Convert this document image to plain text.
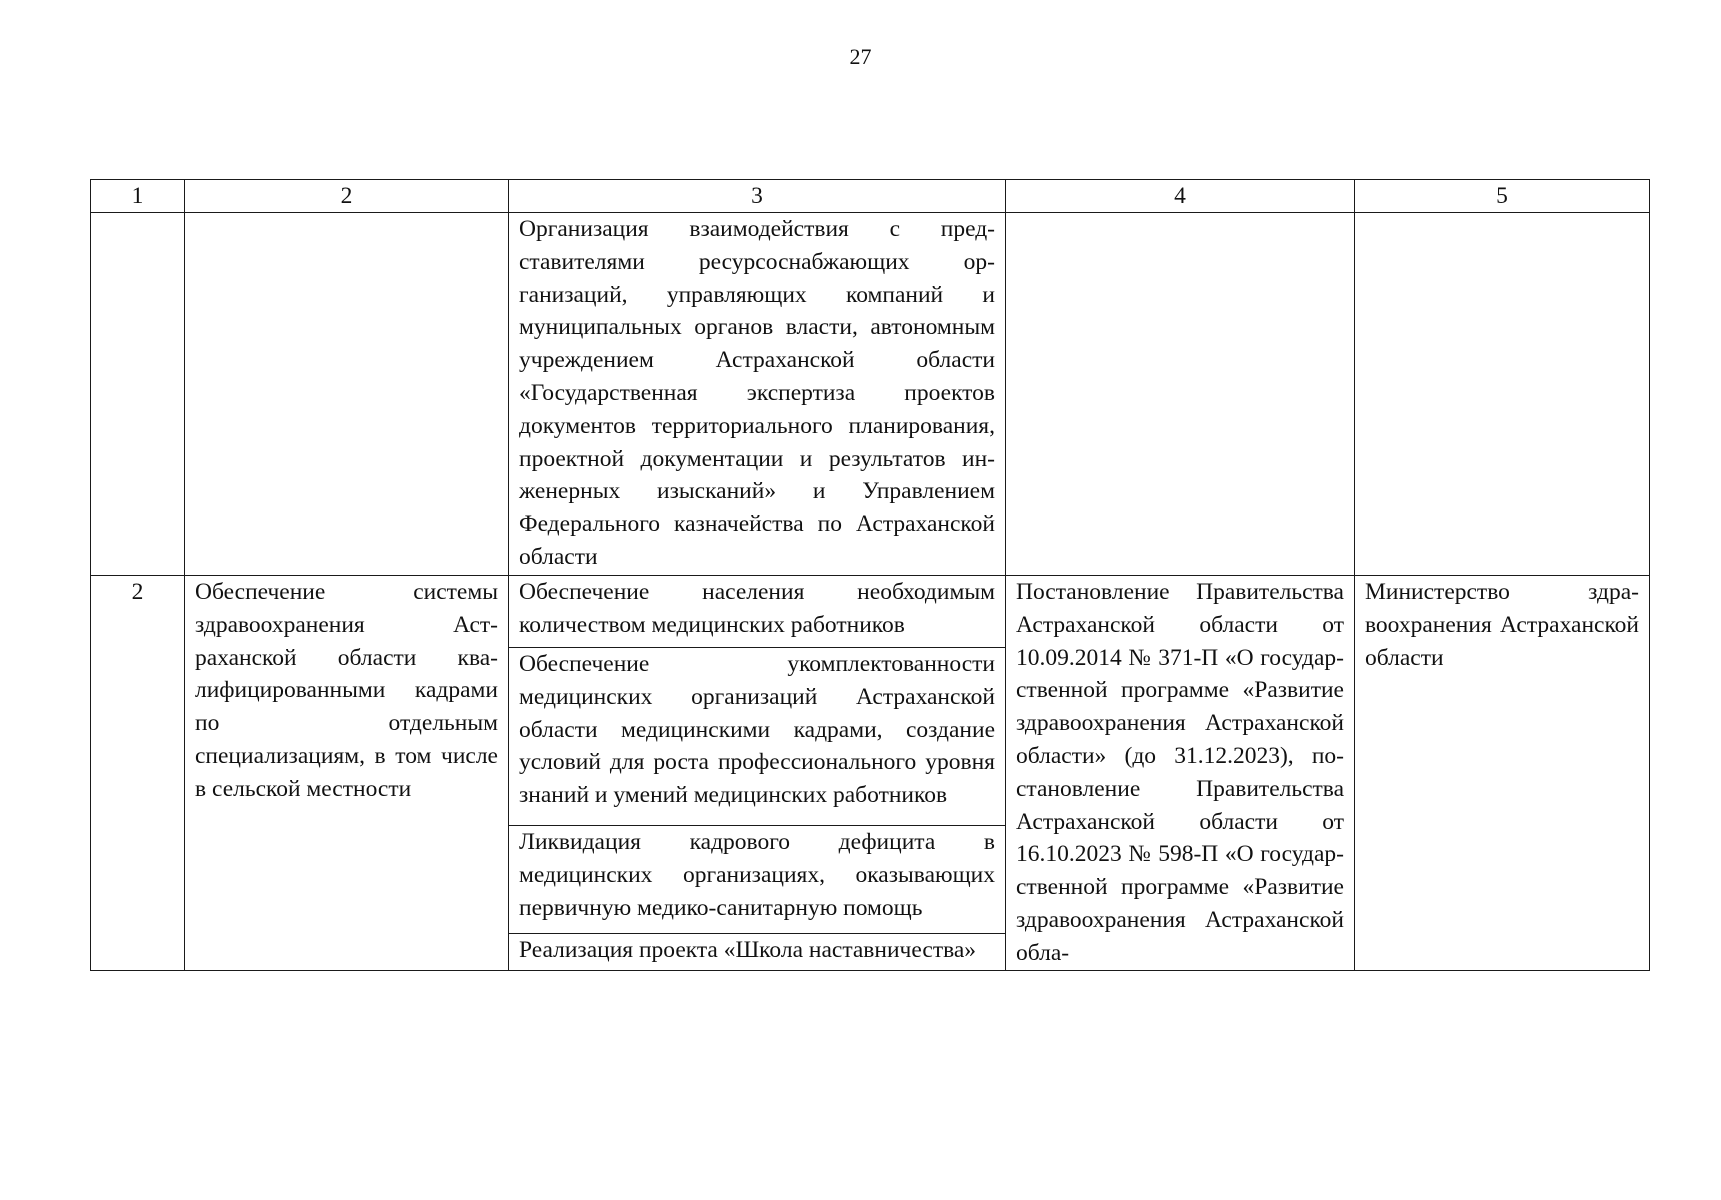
27
1	2	3	4	5
		Организация взаимодействия с представителями ресурсоснабжающих организаций, управляющих компаний и муниципальных органов власти, автономным учреждением Астраханской области «Государственная экспертиза проектов документов территориального планирования, проектной документации и результатов инженерных изысканий» и Управлением Федерального казначейства по Астраханской области		
2	Обеспечение системы здравоохранения Астраханской области квалифицированными кадрами по отдельным специализациям, в том числе в сельской местности	Обеспечение населения необходимым количеством медицинских работников	Постановление Правительства Астраханской области от 10.09.2014 № 371-П «О государственной программе «Развитие здравоохранения Астраханской области» (до 31.12.2023), постановление Правительства Астраханской области от 16.10.2023 № 598-П «О государственной программе «Развитие здравоохранения Астраханской обла-	Министерство здравоохранения Астраханской области
		Обеспечение укомплектованности медицинских организаций Астраханской области медицинскими кадрами, создание условий для роста профессионального уровня знаний и умений медицинских работников		
		Ликвидация кадрового дефицита в медицинских организациях, оказывающих первичную медико-санитарную помощь		
		Реализация проекта «Школа наставничества»		
